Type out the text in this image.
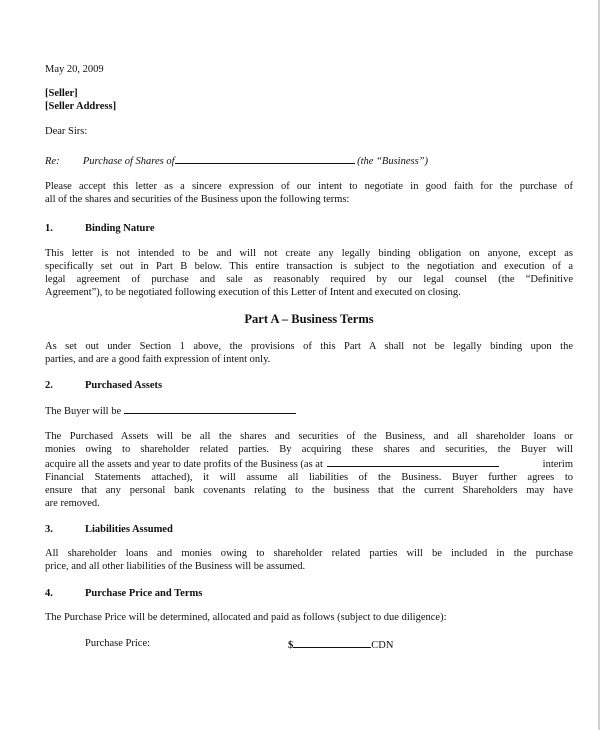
May 20, 2009
[Seller]
[Seller Address]
Dear Sirs:
Re: Purchase of Shares of	(the “Business”)
Please accept this letter as a sincere expression of our intent to negotiate in good faith for the purchase of
all of the shares and securities of the Business upon the following terms:
1.	Binding Nature
This letter is not intended to be and will not create any legally binding obligation on anyone, except as
specifically set out in Part B below. This entire transaction is subject to the negotiation and execution of a
legal agreement of purchase and sale as reasonably required by our legal counsel (the “Definitive
Agreement”), to be negotiated following execution of this Letter of Intent and executed on closing.
Part A – Business Terms
As set out under Section 1 above, the provisions of this Part A shall not be legally binding upon the
parties, and are a good faith expression of intent only.
2.	Purchased Assets
The Buyer will be
The Purchased Assets will be all the shares and securities of the Business, and all shareholder loans or
monies owing to shareholder related parties. By acquiring these shares and securities, the Buyer will
acquire all the assets and year to date profits of the Business (as at	interim
Financial Statements attached), it will assume all liabilities of the Business. Buyer further agrees to
ensure that any personal bank covenants relating to the business that the current Shareholders may have
are removed.
3.	Liabilities Assumed
All shareholder loans and monies owing to shareholder related parties will be included in the purchase
price, and all other liabilities of the Business will be assumed.
4.	Purchase Price and Terms
The Purchase Price will be determined, allocated and paid as follows (subject to due diligence):
Purchase Price:	$	CDN
